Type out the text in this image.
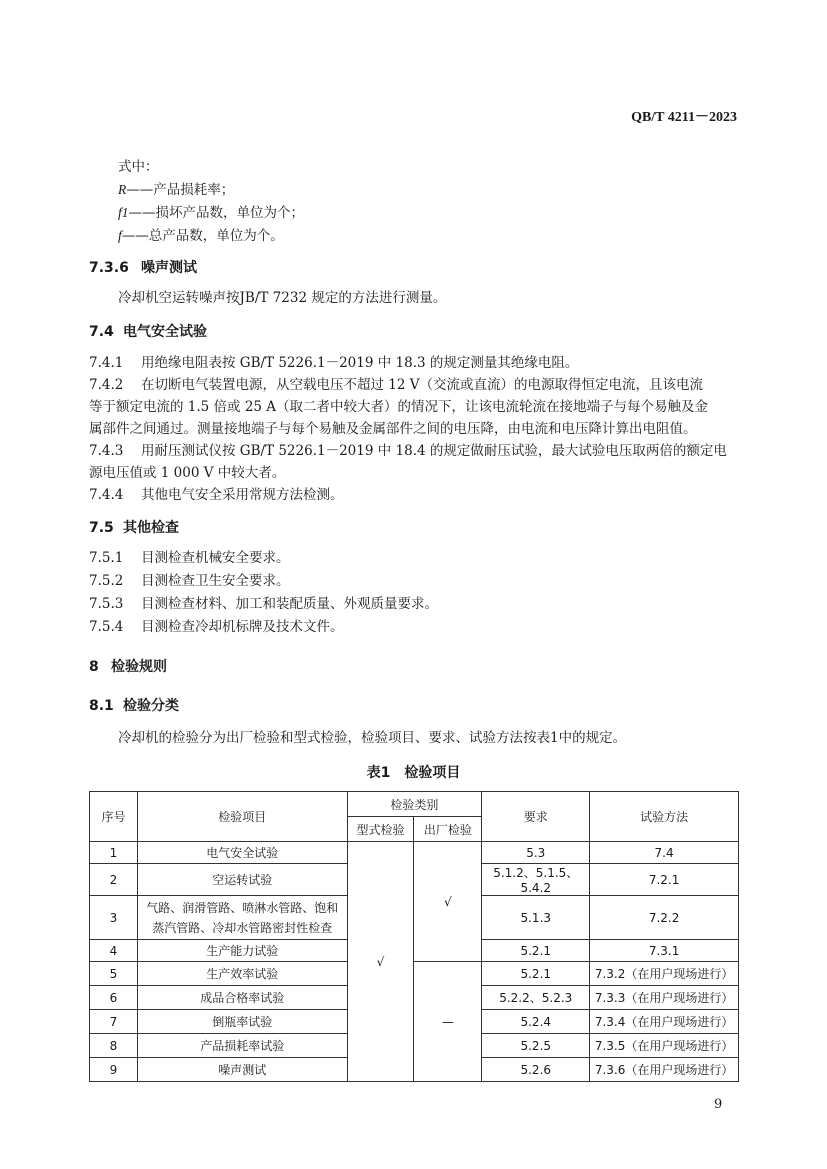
QB/T 4211－2023
式中：
R——产品损耗率；
f1——损坏产品数，单位为个；
f——总产品数，单位为个。
7.3.6 噪声测试
冷却机空运转噪声按JB/T 7232 规定的方法进行测量。
7.4 电气安全试验
7.4.1 用绝缘电阻表按 GB/T 5226.1－2019 中 18.3 的规定测量其绝缘电阻。
7.4.2 在切断电气装置电源，从空载电压不超过 12 V（交流或直流）的电源取得恒定电流，且该电流
等于额定电流的 1.5 倍或 25 A（取二者中较大者）的情况下，让该电流轮流在接地端子与每个易触及金
属部件之间通过。测量接地端子与每个易触及金属部件之间的电压降，由电流和电压降计算出电阻值。
7.4.3 用耐压测试仪按 GB/T 5226.1－2019 中 18.4 的规定做耐压试验，最大试验电压取两倍的额定电
源电压值或 1 000 V 中较大者。
7.4.4 其他电气安全采用常规方法检测。
7.5 其他检查
7.5.1 目测检查机械安全要求。
7.5.2 目测检查卫生安全要求。
7.5.3 目测检查材料、加工和装配质量、外观质量要求。
7.5.4 目测检查冷却机标牌及技术文件。
8 检验规则
8.1 检验分类
冷却机的检验分为出厂检验和型式检验，检验项目、要求、试验方法按表1中的规定。
表1　检验项目
序号	检验项目	检验类别		要求	试验方法
		型式检验	出厂检验		
1	电气安全试验	√	√	5.3	7.4
2	空运转试验			5.1.2、5.1.5、5.4.2	7.2.1
3	气路、润滑管路、喷淋水管路、饱和
蒸汽管路、冷却水管路密封性检查			5.1.3	7.2.2
4	生产能力试验			5.2.1	7.3.1
5	生产效率试验		—	5.2.1	7.3.2（在用户现场进行）
6	成品合格率试验			5.2.2、5.2.3	7.3.3（在用户现场进行）
7	倒瓶率试验			5.2.4	7.3.4（在用户现场进行）
8	产品损耗率试验			5.2.5	7.3.5（在用户现场进行）
9	噪声测试			5.2.6	7.3.6（在用户现场进行）
9
